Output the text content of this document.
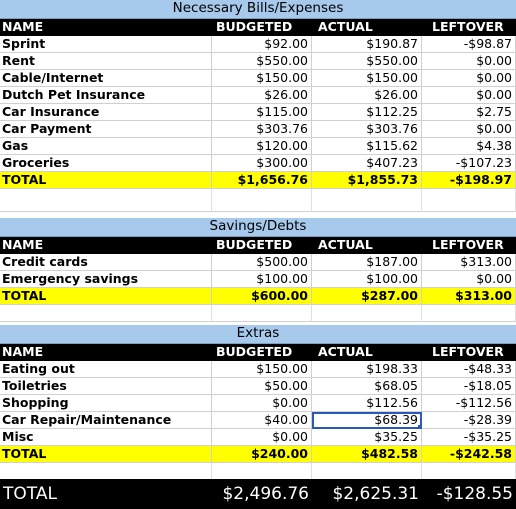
Necessary Bills/Expenses
NAME	BUDGETED	ACTUAL	LEFTOVER
Sprint	$92.00	$190.87	-$98.87
Rent	$550.00	$550.00	$0.00
Cable/Internet	$150.00	$150.00	$0.00
Dutch Pet Insurance	$26.00	$26.00	$0.00
Car Insurance	$115.00	$112.25	$2.75
Car Payment	$303.76	$303.76	$0.00
Gas	$120.00	$115.62	$4.38
Groceries	$300.00	$407.23	-$107.23
TOTAL	$1,656.76	$1,855.73	-$198.97
Savings/Debts
NAME	BUDGETED	ACTUAL	LEFTOVER
Credit cards	$500.00	$187.00	$313.00
Emergency savings	$100.00	$100.00	$0.00
TOTAL	$600.00	$287.00	$313.00
Extras
NAME	BUDGETED	ACTUAL	LEFTOVER
Eating out	$150.00	$198.33	-$48.33
Toiletries	$50.00	$68.05	-$18.05
Shopping	$0.00	$112.56	-$112.56
Car Repair/Maintenance	$40.00	$68.39	-$28.39
Misc	$0.00	$35.25	-$35.25
TOTAL	$240.00	$482.58	-$242.58
TOTAL	$2,496.76	$2,625.31	-$128.55
